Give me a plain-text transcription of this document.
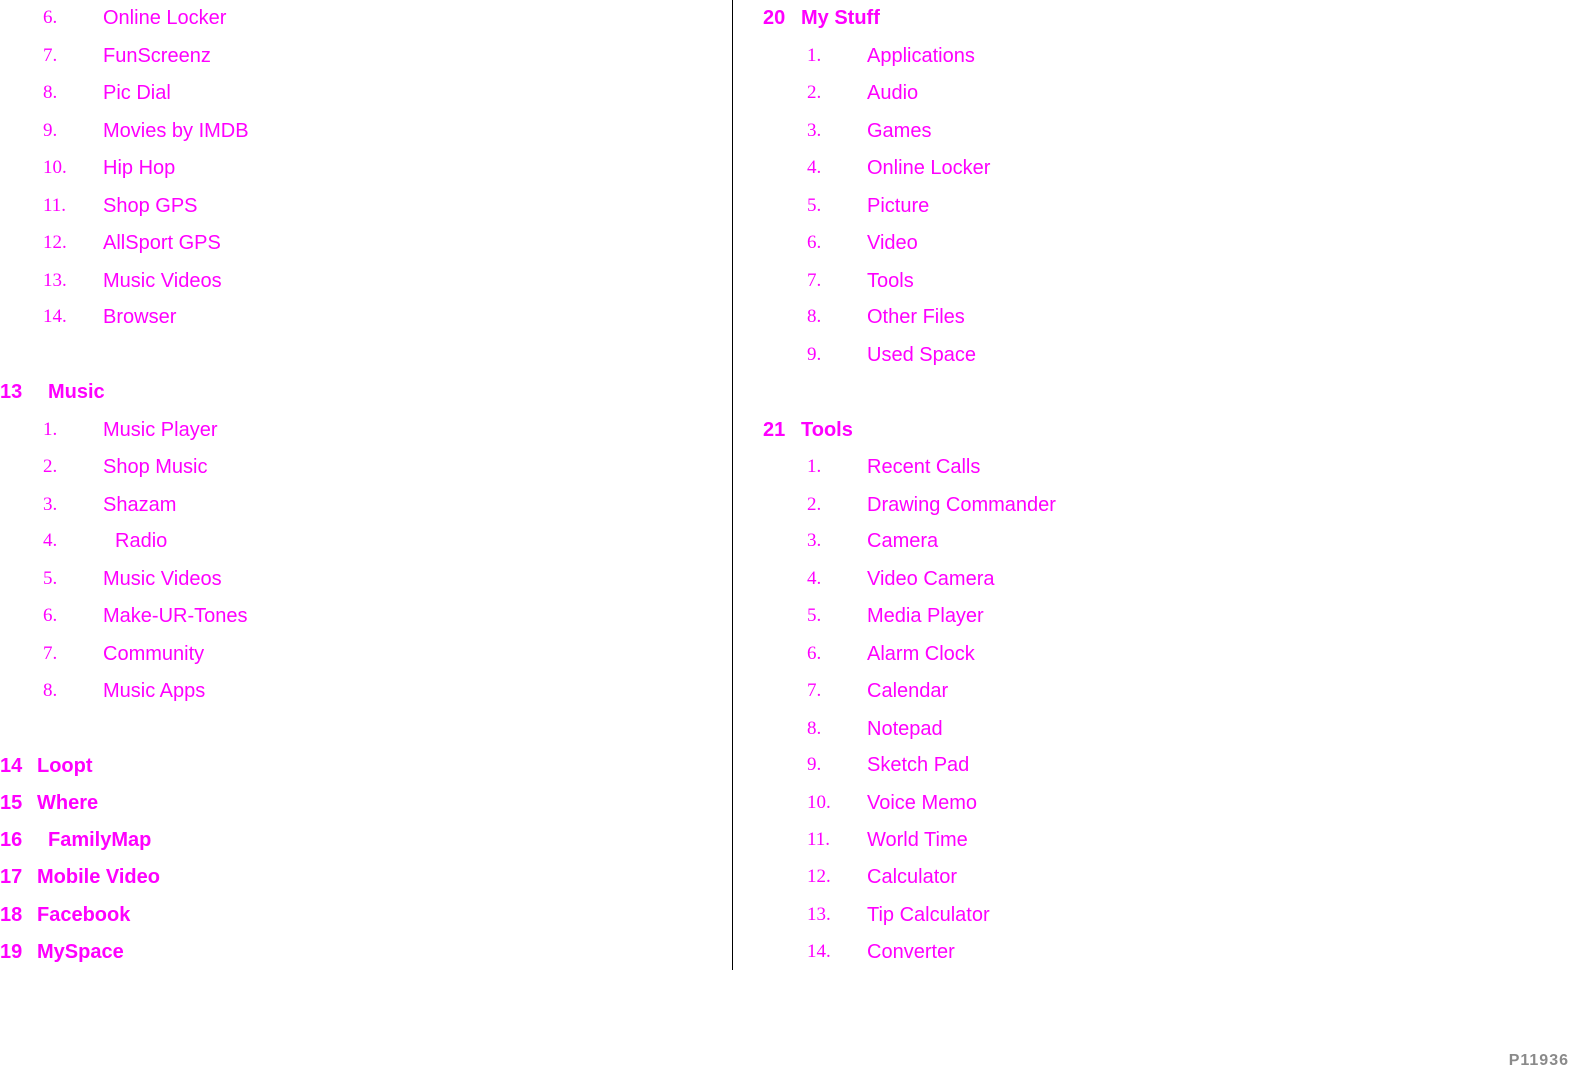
6. Online Locker
7. FunScreenz
8. Pic Dial
9. Movies by IMDB
10. Hip Hop
11. Shop GPS
12. AllSport GPS
13. Music Videos
14. Browser
13 Music
1. Music Player
2. Shop Music
3. Shazam
4.	Radio
5. Music Videos
6. Make-UR-Tones
7. Community
8. Music Apps
14 Loopt
15 Where
16 FamilyMap
17 Mobile Video
18 Facebook
19 MySpace
20 My Stuff
1. Applications
2. Audio
3. Games
4. Online Locker
5. Picture
6. Video
7. Tools
8. Other Files
9. Used Space
21 Tools
1. Recent Calls
2. Drawing Commander
3. Camera
4. Video Camera
5. Media Player
6. Alarm Clock
7. Calendar
8. Notepad
9. Sketch Pad
10. Voice Memo
11. World Time
12. Calculator
13. Tip Calculator
14. Converter
P11936
